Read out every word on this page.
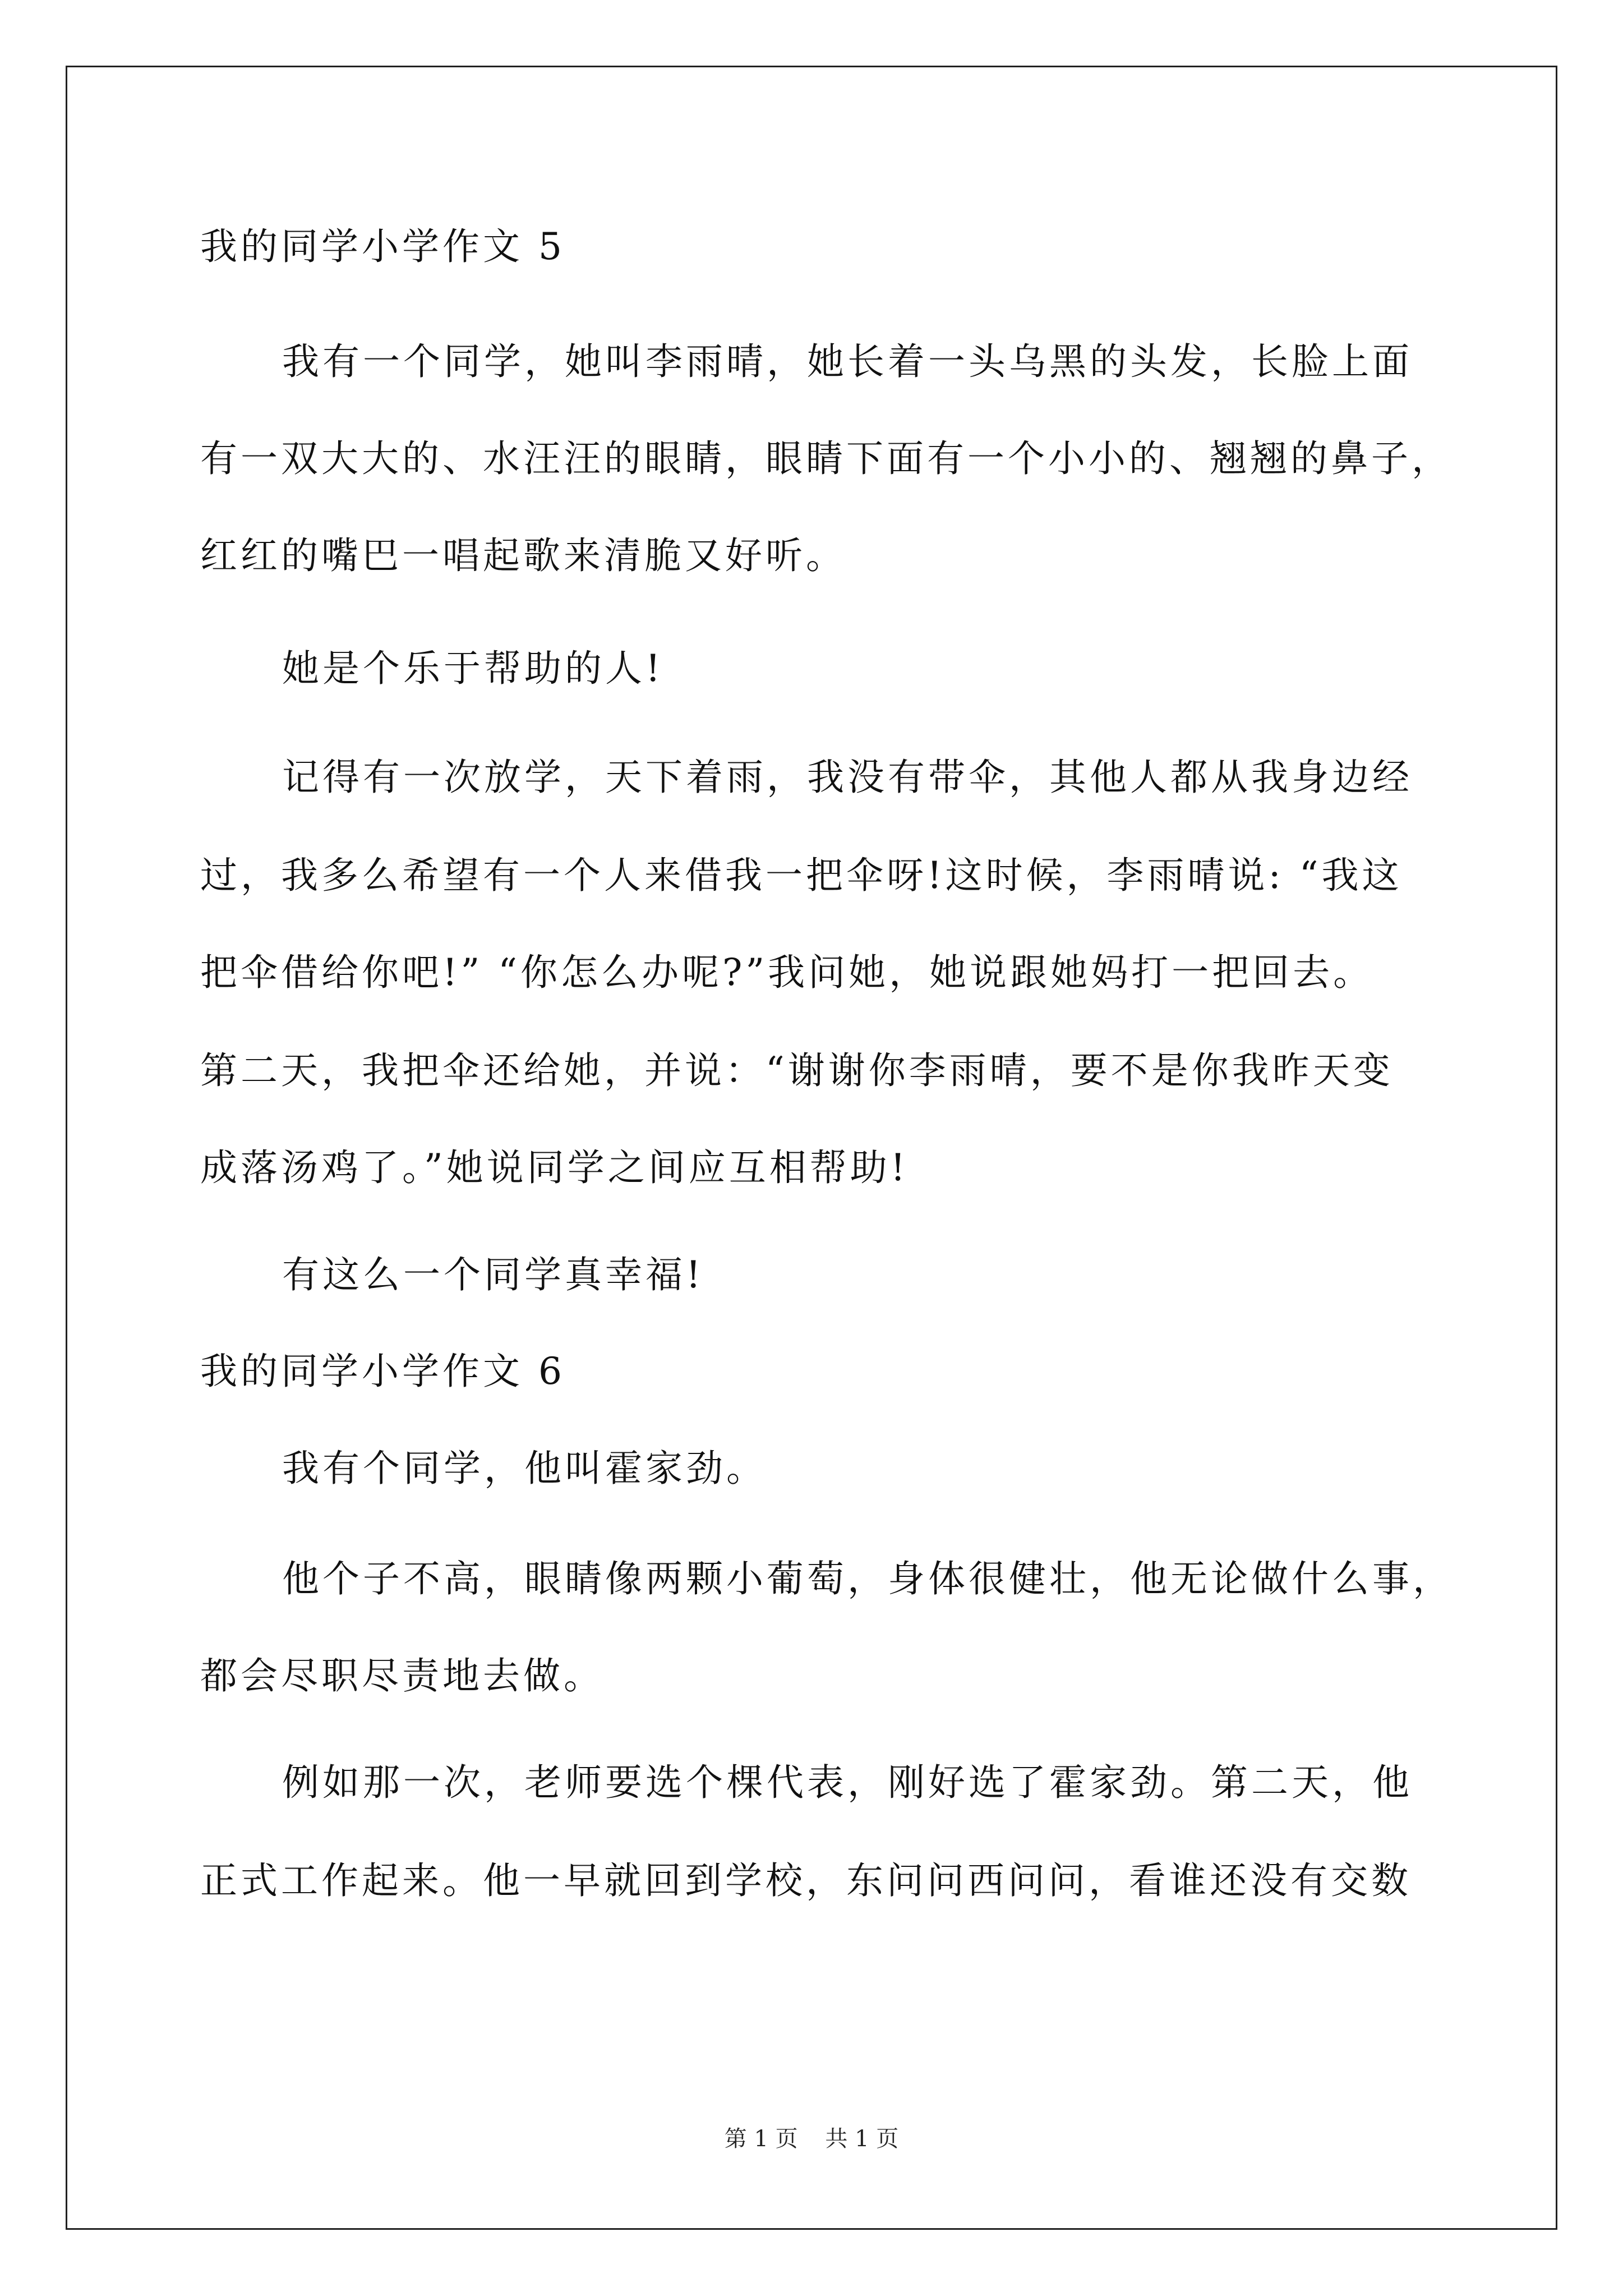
我的同学小学作文 5
我有一个同学，她叫李雨晴，她长着一头乌黑的头发，长脸上面
有一双大大的、水汪汪的眼睛，眼睛下面有一个小小的、翘翘的鼻子，
红红的嘴巴一唱起歌来清脆又好听。
她是个乐于帮助的人!
记得有一次放学，天下着雨，我没有带伞，其他人都从我身边经
过，我多么希望有一个人来借我一把伞呀!这时候，李雨晴说: “我这
把伞借给你吧!” “你怎么办呢?”我问她，她说跟她妈打一把回去。
第二天，我把伞还给她，并说：“谢谢你李雨晴，要不是你我昨天变
成落汤鸡了。”她说同学之间应互相帮助!
有这么一个同学真幸福!
我的同学小学作文 6
我有个同学，他叫霍家劲。
他个子不高，眼睛像两颗小葡萄，身体很健壮，他无论做什么事，
都会尽职尽责地去做。
例如那一次，老师要选个棵代表，刚好选了霍家劲。第二天，他
正式工作起来。他一早就回到学校，东问问西问问，看谁还没有交数
第 1 页 共 1 页
